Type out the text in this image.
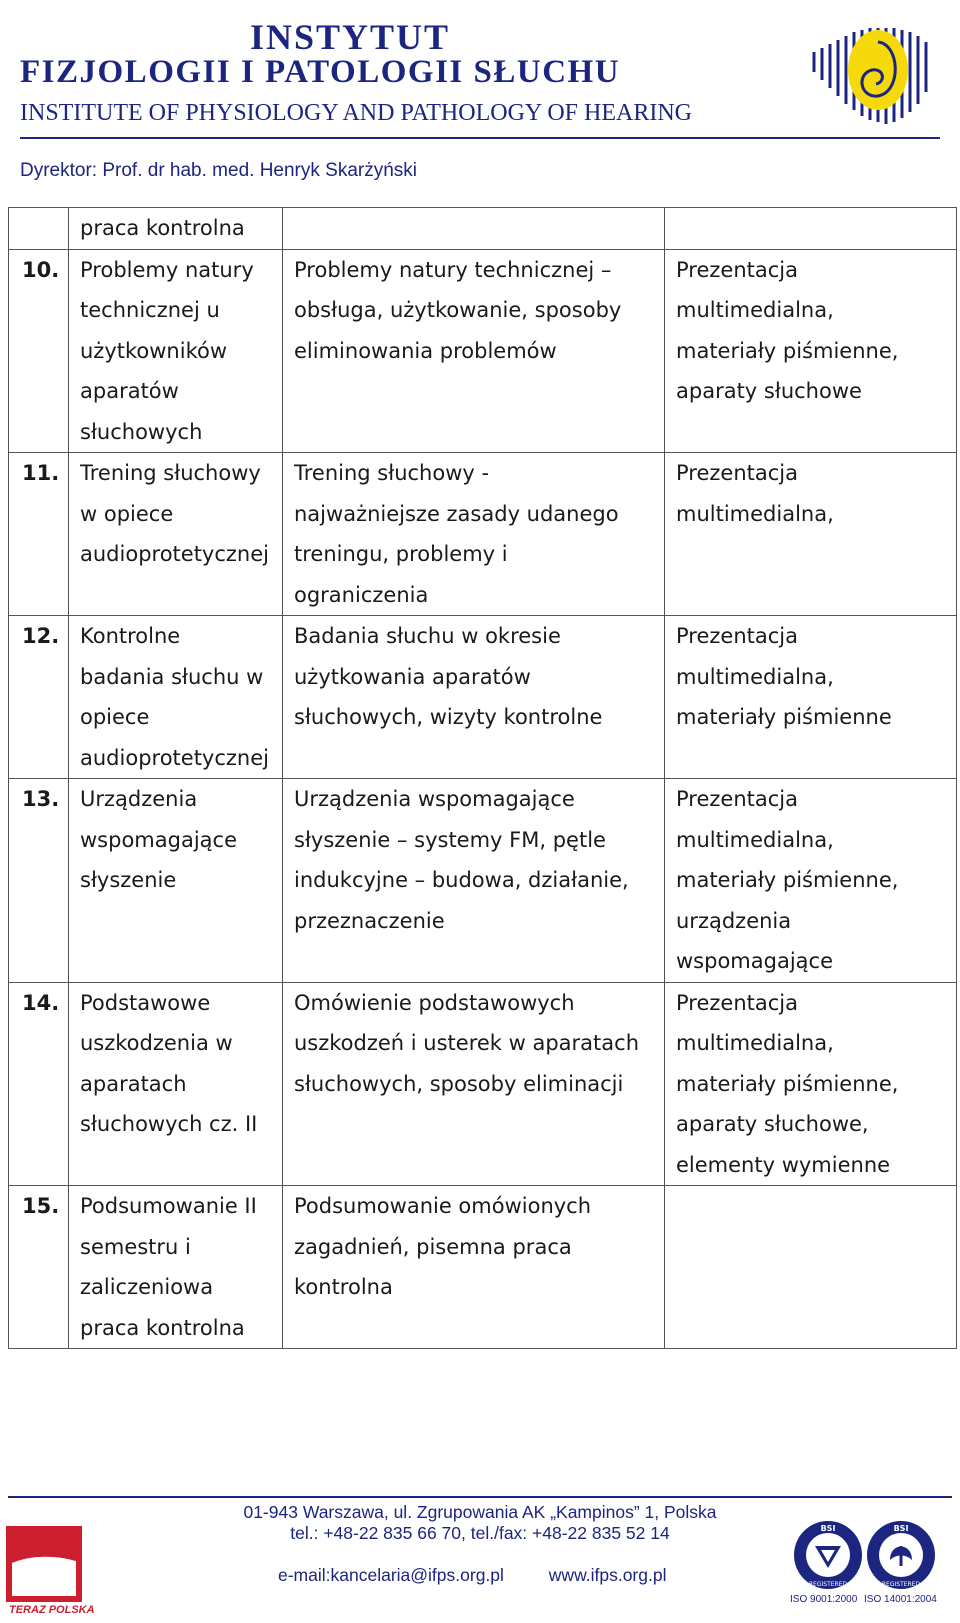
INSTYTUT
FIZJOLOGII I PATOLOGII SŁUCHU
INSTITUTE OF PHYSIOLOGY AND PATHOLOGY OF HEARING
Dyrektor: Prof. dr hab. med. Henryk Skarżyński

	praca kontrolna		

10.	Problemy natury
technicznej u
użytkowników
aparatów
słuchowych	Problemy natury technicznej –
obsługa, użytkowanie, sposoby
eliminowania problemów	Prezentacja
multimedialna,
materiały piśmienne,
aparaty słuchowe

11.	Trening słuchowy
w opiece
audioprotetycznej	Trening słuchowy -
najważniejsze zasady udanego
treningu, problemy i
ograniczenia	Prezentacja
multimedialna,

12.	Kontrolne
badania słuchu w
opiece
audioprotetycznej	Badania słuchu w okresie
użytkowania aparatów
słuchowych, wizyty kontrolne	Prezentacja
multimedialna,
materiały piśmienne

13.	Urządzenia
wspomagające
słyszenie	Urządzenia wspomagające
słyszenie – systemy FM, pętle
indukcyjne – budowa, działanie,
przeznaczenie	Prezentacja
multimedialna,
materiały piśmienne,
urządzenia
wspomagające

14.	Podstawowe
uszkodzenia w
aparatach
słuchowych cz. II	Omówienie podstawowych
uszkodzeń i usterek w aparatach
słuchowych, sposoby eliminacji	Prezentacja
multimedialna,
materiały piśmienne,
aparaty słuchowe,
elementy wymienne

15.	Podsumowanie II
semestru i
zaliczeniowa
praca kontrolna	Podsumowanie omówionych
zagadnień, pisemna praca
kontrolna	

01-943 Warszawa, ul. Zgrupowania AK „Kampinos” 1, Polska
tel.: +48-22 835 66 70, tel./fax: +48-22 835 52 14
e-mail:kancelaria@ifps.org.pl	www.ifps.org.pl
TERAZ POLSKA
BSI
REGISTERED
ISO 9001:2000
BSI
REGISTERED
ISO 14001:2004
